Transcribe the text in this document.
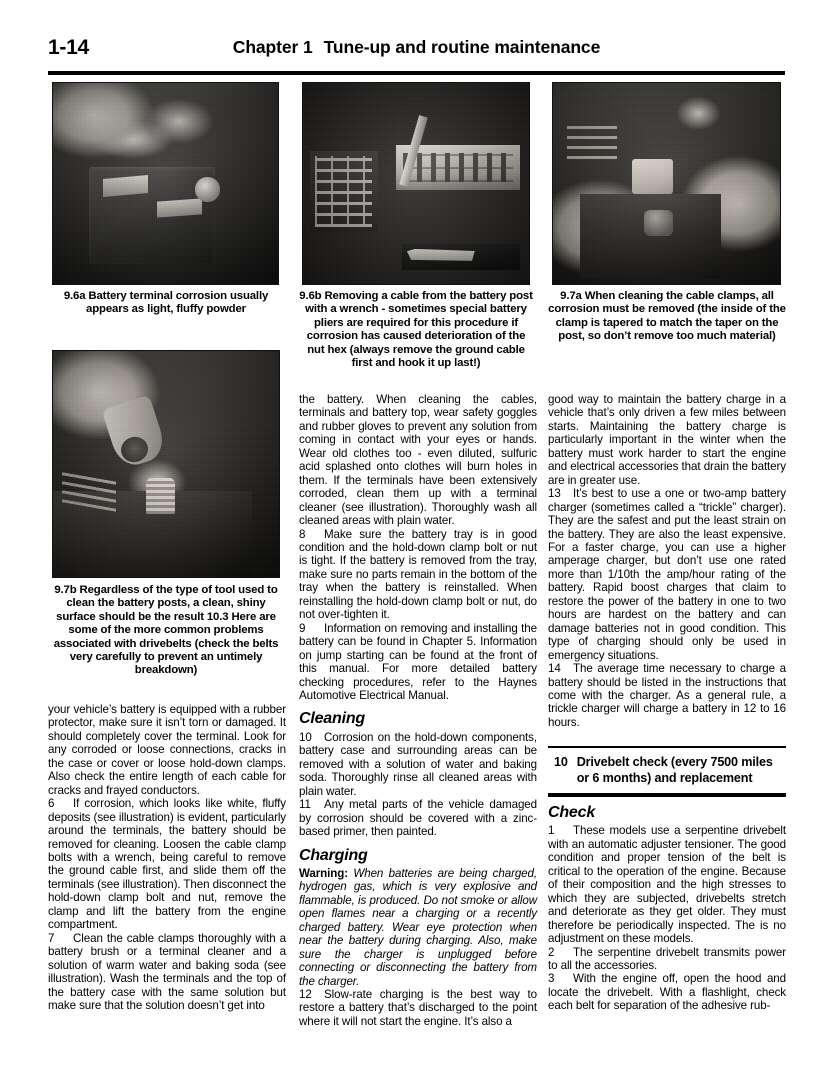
1-14	Chapter 1 Tune-up and routine maintenance
9.6a Battery terminal corrosion usually appears as light, fluffy powder
9.6b Removing a cable from the battery post with a wrench - sometimes special battery pliers are required for this procedure if corrosion has caused deterioration of the nut hex (always remove the ground cable first and hook it up last!)
9.7a When cleaning the cable clamps, all corrosion must be removed (the inside of the clamp is tapered to match the taper on the post, so don’t remove too much material)
9.7b Regardless of the type of tool used to clean the battery posts, a clean, shiny surface should be the result 10.3 Here are some of the more common problems associated with drivebelts (check the belts very carefully to prevent an untimely breakdown)

your vehicle’s battery is equipped with a rubber protector, make sure it isn’t torn or damaged. It should completely cover the terminal. Look for any corroded or loose connections, cracks in the case or cover or loose hold-down clamps. Also check the entire length of each cable for cracks and frayed conductors.

6 If corrosion, which looks like white, fluffy deposits (see illustration) is evident, particularly around the terminals, the battery should be removed for cleaning. Loosen the cable clamp bolts with a wrench, being careful to remove the ground cable first, and slide them off the terminals (see illustration). Then disconnect the hold-down clamp bolt and nut, remove the clamp and lift the battery from the engine compartment.

7 Clean the cable clamps thoroughly with a battery brush or a terminal cleaner and a solution of warm water and baking soda (see illustration). Wash the terminals and the top of the battery case with the same solution but make sure that the solution doesn’t get into

the battery. When cleaning the cables, terminals and battery top, wear safety goggles and rubber gloves to prevent any solution from coming in contact with your eyes or hands. Wear old clothes too - even diluted, sulfuric acid splashed onto clothes will burn holes in them. If the terminals have been extensively corroded, clean them up with a terminal cleaner (see illustration). Thoroughly wash all cleaned areas with plain water.

8 Make sure the battery tray is in good condition and the hold-down clamp bolt or nut is tight. If the battery is removed from the tray, make sure no parts remain in the bottom of the tray when the battery is reinstalled. When reinstalling the hold-down clamp bolt or nut, do not over-tighten it.

9 Information on removing and installing the battery can be found in Chapter 5. Information on jump starting can be found at the front of this manual. For more detailed battery checking procedures, refer to the Haynes Automotive Electrical Manual.

Cleaning

10 Corrosion on the hold-down components, battery case and surrounding areas can be removed with a solution of water and baking soda. Thoroughly rinse all cleaned areas with plain water.

11 Any metal parts of the vehicle damaged by corrosion should be covered with a zinc-based primer, then painted.

Charging

Warning: When batteries are being charged, hydrogen gas, which is very explosive and flammable, is produced. Do not smoke or allow open flames near a charging or a recently charged battery. Wear eye protection when near the battery during charging. Also, make sure the charger is unplugged before connecting or disconnecting the battery from the charger.

12 Slow-rate charging is the best way to restore a battery that’s discharged to the point where it will not start the engine. It’s also a

good way to maintain the battery charge in a vehicle that’s only driven a few miles between starts. Maintaining the battery charge is particularly important in the winter when the battery must work harder to start the engine and electrical accessories that drain the battery are in greater use.

13 It’s best to use a one or two-amp battery charger (sometimes called a “trickle” charger). They are the safest and put the least strain on the battery. They are also the least expensive. For a faster charge, you can use a higher amperage charger, but don’t use one rated more than 1/10th the amp/hour rating of the battery. Rapid boost charges that claim to restore the power of the battery in one to two hours are hardest on the battery and can damage batteries not in good condition. This type of charging should only be used in emergency situations.

14 The average time necessary to charge a battery should be listed in the instructions that come with the charger. As a general rule, a trickle charger will charge a battery in 12 to 16 hours.

10 Drivebelt check (every 7500 miles or 6 months) and replacement
Check

1 These models use a serpentine drivebelt with an automatic adjuster tensioner. The good condition and proper tension of the belt is critical to the operation of the engine. Because of their composition and the high stresses to which they are subjected, drivebelts stretch and deteriorate as they get older. They must therefore be periodically inspected. The is no adjustment on these models.

2 The serpentine drivebelt transmits power to all the accessories.

3 With the engine off, open the hood and locate the drivebelt. With a flashlight, check each belt for separation of the adhesive rub-
